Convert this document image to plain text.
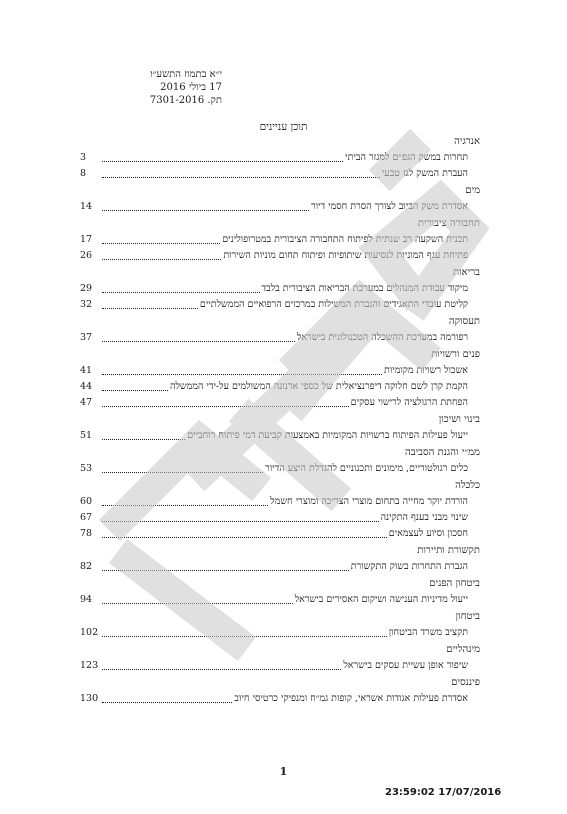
י״א בתמוז התשע״ו
17 ביולי 2016
תק. 7301-2016
תוכן עניינים
אנרגיה
תחרות במשק הגפ״ם למגזר הביתי
3
העברת המשק לגז טבעי
8
מים
אסדרת משק הביוב לצורך הסרת חסמי דיור
14
תחבורה ציבורית
תכנית השקעה רב שנתית לפיתוח התחבורה הציבורית במטרופולינים
17
פתיחת ענף המוניות לנסיעות שיתופיות ופיתוח תחום מוניות השירות
26
בריאות
מיקוד עבודת המנהלים במערכת הבריאות הציבורית בלבד
29
קליטת עובדי התאגידים והגברת המשילות במרכזים הרפואיים הממשלתיים
32
תעסוקה
רפורמה במערכת ההשכלה הטכנולוגית בישראל
37
פנים ורשויות
אשכול רשויות מקומיות
41
הקמת קרן לשם חלוקה דיפרנציאלית של כספי ארנונה המשולמים על-ידי הממשלה
44
הפחתת הרגולציה לרישוי עסקים
47
בינוי ושיכון
ייעול פעילות הפיתוח ברשויות המקומיות באמצעות קביעת דמי פיתוח רוחביים
51
ממ״י והגנת הסביבה
כלים רגולטוריים, מימונים ותכנוניים להגדלת היצע הדיור
53
כלכלה
הורדת יוקר מחייה בתחום מוצרי הצריכה ומוצרי חשמל
60
שינוי מבני בענף התקינה
67
חסכון וסיוע לעצמאים
78
תקשורת ותיירות
הגברת התחרות בשוק התקשורת
82
ביטחון הפנים
ייעול מדיניות הענישה ושיקום האסירים בישראל
94
ביטחון
תקציב משרד הביטחון
102
מינהליים
שיפור אופן עשיית עסקים בישראל
123
פיננסים
אסדרת פעילות אגודות אשראי, קופות גמ״ח ומנפיקי כרטיסי חיוב
130
1
23:59:02 17/07/2016
